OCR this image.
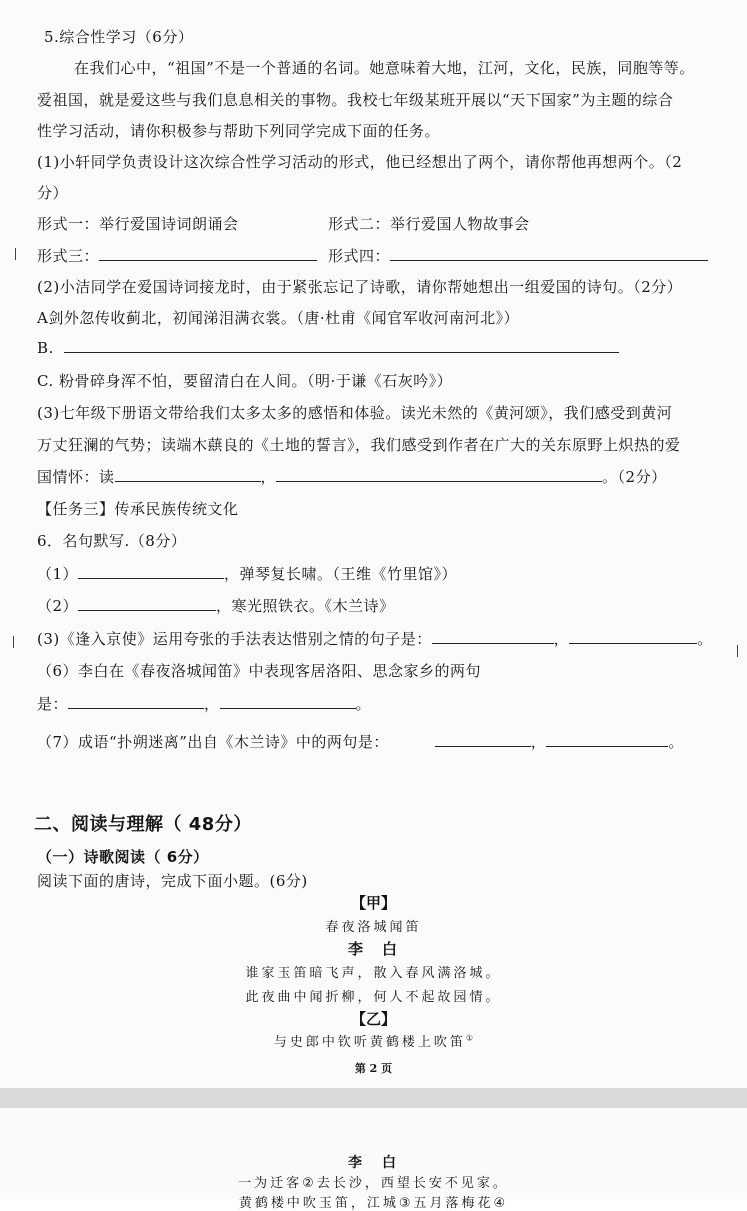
5.综合性学习（6分）
在我们心中，“祖国”不是一个普通的名词。她意味着大地，江河，文化，民族，同胞等等。
爱祖国，就是爱这些与我们息息相关的事物。我校七年级某班开展以“天下国家”为主题的综合
性学习活动，请你积极参与帮助下列同学完成下面的任务。
(1)小轩同学负责设计这次综合性学习活动的形式，他已经想出了两个，请你帮他再想两个。（2
分）
形式一：举行爱国诗词朗诵会	形式二：举行爱国人物故事会
形式三：	形式四：
(2)小洁同学在爱国诗词接龙时，由于紧张忘记了诗歌，请你帮她想出一组爱国的诗句。（2分）
A剑外忽传收蓟北，初闻涕泪满衣裳。（唐·杜甫《闻官军收河南河北》）
B.
C. 粉骨碎身浑不怕，要留清白在人间。（明·于谦《石灰吟》）
(3)七年级下册语文带给我们太多太多的感悟和体验。读光未然的《黄河颂》，我们感受到黄河
万丈狂澜的气势；读端木蕻良的《土地的誓言》，我们感受到作者在广大的关东原野上炽热的爱
国情怀：读	，	。（2分）
【任务三】传承民族传统文化
6．名句默写.（8分）
（1）	，弹琴复长啸。（王维《竹里馆》）
（2）	，寒光照铁衣。《木兰诗》
(3)《逢入京使》运用夸张的手法表达惜别之情的句子是：	，	。
（6）李白在《春夜洛城闻笛》中表现客居洛阳、思念家乡的两句
是：	，	。
（7）成语“扑朔迷离”出自《木兰诗》中的两句是：	，	。
二、阅读与理解（ 48分）
（一）诗歌阅读（ 6分）
阅读下面的唐诗，完成下面小题。(6分)
【甲】
春夜洛城闻笛
李　白
谁家玉笛暗飞声，散入春风满洛城。
此夜曲中闻折柳，何人不起故园情。
【乙】
与史郎中钦听黄鹤楼上吹笛①
第 2 页
李　白
一为迁客②去长沙，西望长安不见家。
黄鹤楼中吹玉笛，江城③五月落梅花④
